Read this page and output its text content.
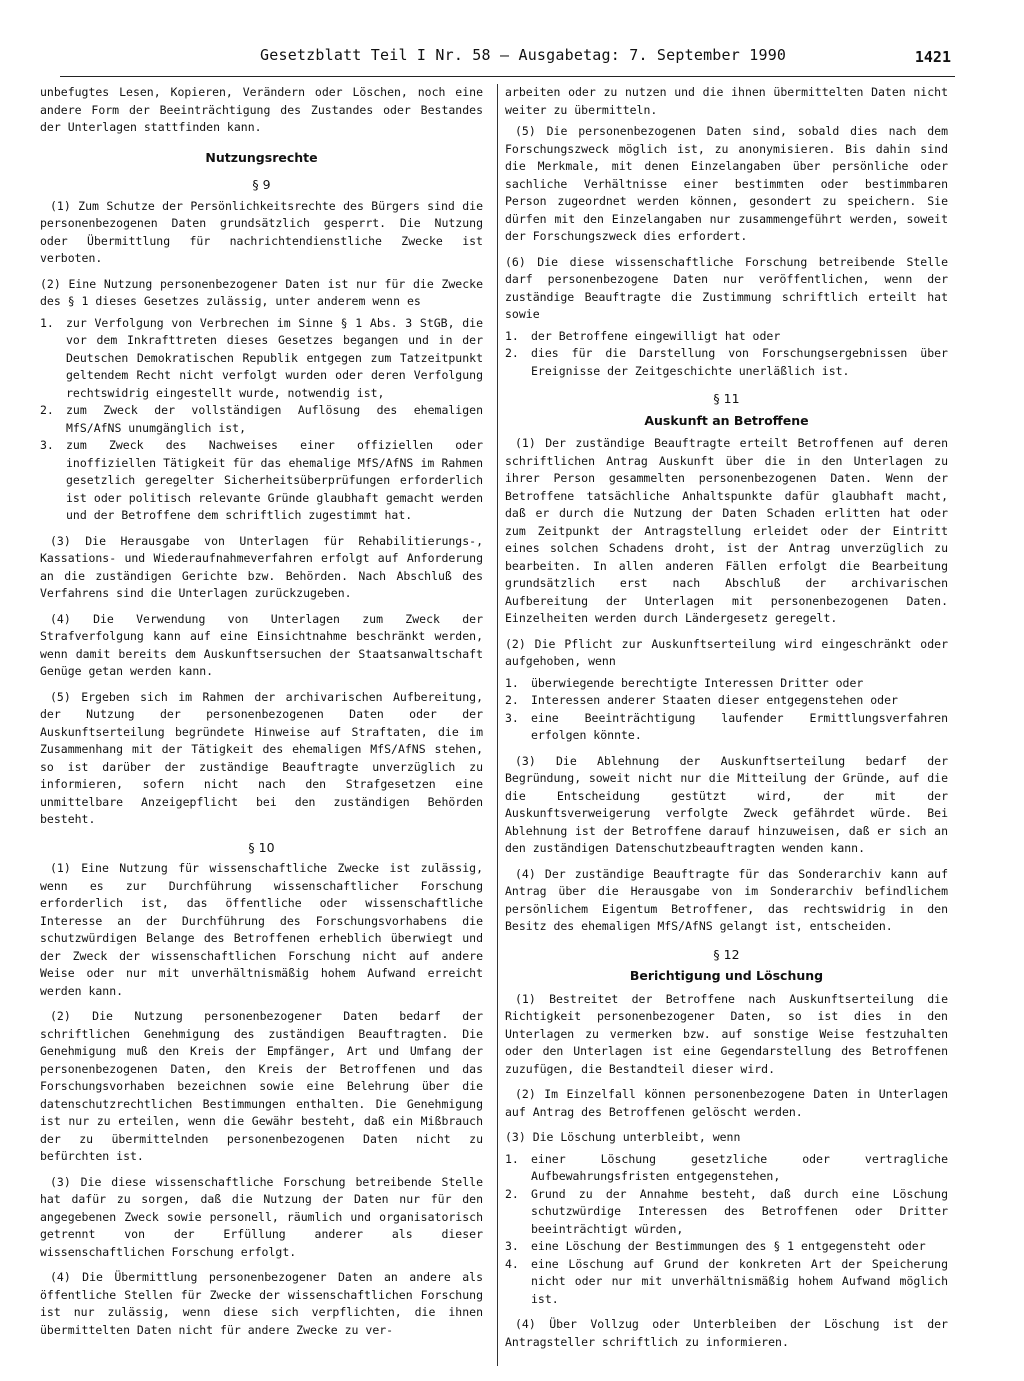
Gesetzblatt Teil I Nr. 58 — Ausgabetag: 7. September 1990	1421

unbefugtes Lesen, Kopieren, Verändern oder Löschen, noch eine andere Form der Beeinträchtigung des Zustandes oder Bestandes der Unterlagen stattfinden kann.

Nutzungsrechte
§ 9

(1) Zum Schutze der Persönlichkeitsrechte des Bürgers sind die personenbezogenen Daten grundsätzlich gesperrt. Die Nutzung oder Übermittlung für nachrichtendienstliche Zwecke ist verboten.

(2) Eine Nutzung personenbezogener Daten ist nur für die Zwecke des § 1 dieses Gesetzes zulässig, unter anderem wenn es

1.	zur Verfolgung von Verbrechen im Sinne § 1 Abs. 3 StGB, die vor dem Inkrafttreten dieses Gesetzes begangen und in der Deutschen Demokratischen Republik entgegen zum Tatzeitpunkt geltendem Recht nicht verfolgt wurden oder deren Verfolgung rechtswidrig eingestellt wurde, notwendig ist,
2.	zum Zweck der vollständigen Auflösung des ehemaligen MfS/AfNS unumgänglich ist,
3.	zum Zweck des Nachweises einer offiziellen oder inoffiziellen Tätigkeit für das ehemalige MfS/AfNS im Rahmen gesetzlich geregelter Sicherheitsüberprüfungen erforderlich ist oder politisch relevante Gründe glaubhaft gemacht werden und der Betroffene dem schriftlich zugestimmt hat.

(3) Die Herausgabe von Unterlagen für Rehabilitierungs-, Kassations- und Wiederaufnahmeverfahren erfolgt auf Anforderung an die zuständigen Gerichte bzw. Behörden. Nach Abschluß des Verfahrens sind die Unterlagen zurückzugeben.

(4) Die Verwendung von Unterlagen zum Zweck der Strafverfolgung kann auf eine Einsichtnahme beschränkt werden, wenn damit bereits dem Auskunftsersuchen der Staatsanwaltschaft Genüge getan werden kann.

(5) Ergeben sich im Rahmen der archivarischen Aufbereitung, der Nutzung der personenbezogenen Daten oder der Auskunftserteilung begründete Hinweise auf Straftaten, die im Zusammenhang mit der Tätigkeit des ehemaligen MfS/AfNS stehen, so ist darüber der zuständige Beauftragte unverzüglich zu informieren, sofern nicht nach den Strafgesetzen eine unmittelbare Anzeigepflicht bei den zuständigen Behörden besteht.

§ 10

(1) Eine Nutzung für wissenschaftliche Zwecke ist zulässig, wenn es zur Durchführung wissenschaftlicher Forschung erforderlich ist, das öffentliche oder wissenschaftliche Interesse an der Durchführung des Forschungsvorhabens die schutzwürdigen Belange des Betroffenen erheblich überwiegt und der Zweck der wissenschaftlichen Forschung nicht auf andere Weise oder nur mit unverhältnismäßig hohem Aufwand erreicht werden kann.

(2) Die Nutzung personenbezogener Daten bedarf der schriftlichen Genehmigung des zuständigen Beauftragten. Die Genehmigung muß den Kreis der Empfänger, Art und Umfang der personenbezogenen Daten, den Kreis der Betroffenen und das Forschungsvorhaben bezeichnen sowie eine Belehrung über die datenschutzrechtlichen Bestimmungen enthalten. Die Genehmigung ist nur zu erteilen, wenn die Gewähr besteht, daß ein Mißbrauch der zu übermittelnden personenbezogenen Daten nicht zu befürchten ist.

(3) Die diese wissenschaftliche Forschung betreibende Stelle hat dafür zu sorgen, daß die Nutzung der Daten nur für den angegebenen Zweck sowie personell, räumlich und organisatorisch getrennt von der Erfüllung anderer als dieser wissenschaftlichen Forschung erfolgt.

(4) Die Übermittlung personenbezogener Daten an andere als öffentliche Stellen für Zwecke der wissenschaftlichen Forschung ist nur zulässig, wenn diese sich verpflichten, die ihnen übermittelten Daten nicht für andere Zwecke zu ver-

arbeiten oder zu nutzen und die ihnen übermittelten Daten nicht weiter zu übermitteln.

(5) Die personenbezogenen Daten sind, sobald dies nach dem Forschungszweck möglich ist, zu anonymisieren. Bis dahin sind die Merkmale, mit denen Einzelangaben über persönliche oder sachliche Verhältnisse einer bestimmten oder bestimmbaren Person zugeordnet werden können, gesondert zu speichern. Sie dürfen mit den Einzelangaben nur zusammengeführt werden, soweit der Forschungszweck dies erfordert.

(6) Die diese wissenschaftliche Forschung betreibende Stelle darf personenbezogene Daten nur veröffentlichen, wenn der zuständige Beauftragte die Zustimmung schriftlich erteilt hat sowie

1.	der Betroffene eingewilligt hat oder
2.	dies für die Darstellung von Forschungsergebnissen über Ereignisse der Zeitgeschichte unerläßlich ist.
§ 11
Auskunft an Betroffene

(1) Der zuständige Beauftragte erteilt Betroffenen auf deren schriftlichen Antrag Auskunft über die in den Unterlagen zu ihrer Person gesammelten personenbezogenen Daten. Wenn der Betroffene tatsächliche Anhaltspunkte dafür glaubhaft macht, daß er durch die Nutzung der Daten Schaden erlitten hat oder zum Zeitpunkt der Antragstellung erleidet oder der Eintritt eines solchen Schadens droht, ist der Antrag unverzüglich zu bearbeiten. In allen anderen Fällen erfolgt die Bearbeitung grundsätzlich erst nach Abschluß der archivarischen Aufbereitung der Unterlagen mit personenbezogenen Daten. Einzelheiten werden durch Ländergesetz geregelt.

(2) Die Pflicht zur Auskunftserteilung wird eingeschränkt oder aufgehoben, wenn

1.	überwiegende berechtigte Interessen Dritter oder
2.	Interessen anderer Staaten dieser entgegenstehen oder
3.	eine Beeinträchtigung laufender Ermittlungsverfahren erfolgen könnte.

(3) Die Ablehnung der Auskunftserteilung bedarf der Begründung, soweit nicht nur die Mitteilung der Gründe, auf die die Entscheidung gestützt wird, der mit der Auskunftsverweigerung verfolgte Zweck gefährdet würde. Bei Ablehnung ist der Betroffene darauf hinzuweisen, daß er sich an den zuständigen Datenschutzbeauftragten wenden kann.

(4) Der zuständige Beauftragte für das Sonderarchiv kann auf Antrag über die Herausgabe von im Sonderarchiv befindlichem persönlichem Eigentum Betroffener, das rechtswidrig in den Besitz des ehemaligen MfS/AfNS gelangt ist, entscheiden.

§ 12
Berichtigung und Löschung

(1) Bestreitet der Betroffene nach Auskunftserteilung die Richtigkeit personenbezogener Daten, so ist dies in den Unterlagen zu vermerken bzw. auf sonstige Weise festzuhalten oder den Unterlagen ist eine Gegendarstellung des Betroffenen zuzufügen, die Bestandteil dieser wird.

(2) Im Einzelfall können personenbezogene Daten in Unterlagen auf Antrag des Betroffenen gelöscht werden.

(3) Die Löschung unterbleibt, wenn

1.	einer Löschung gesetzliche oder vertragliche Aufbewahrungsfristen entgegenstehen,
2.	Grund zu der Annahme besteht, daß durch eine Löschung schutzwürdige Interessen des Betroffenen oder Dritter beeinträchtigt würden,
3.	eine Löschung der Bestimmungen des § 1 entgegensteht oder
4.	eine Löschung auf Grund der konkreten Art der Speicherung nicht oder nur mit unverhältnismäßig hohem Aufwand möglich ist.

(4) Über Vollzug oder Unterbleiben der Löschung ist der Antragsteller schriftlich zu informieren.
